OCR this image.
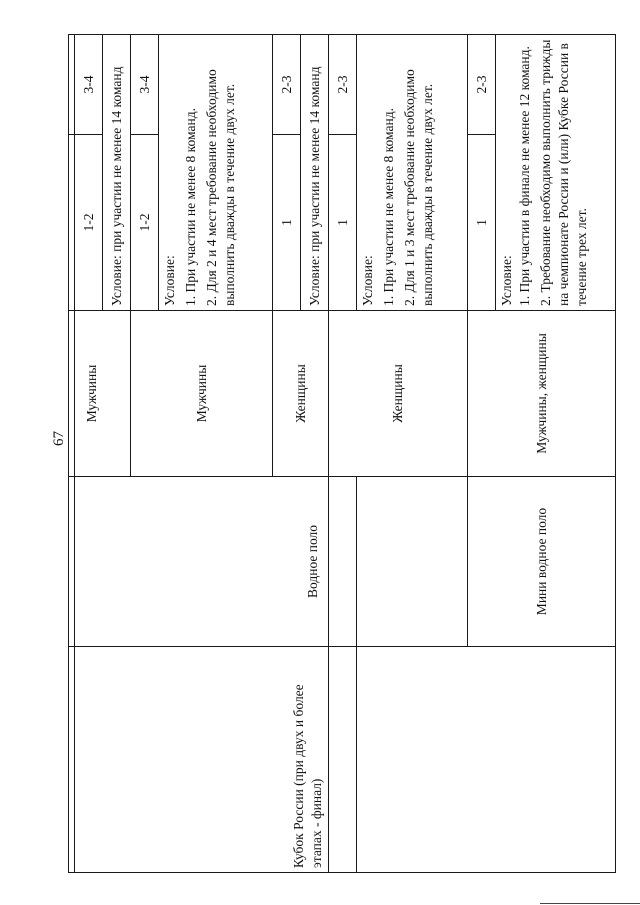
67

Кубок России (при двух и более этапах - финал)	Водное поло	Мужчины	1-2	3-4
			Условие: при участии не менее 14 команд	
		Мужчины	1-2	3-4

			Условие: 1. При участии не менее 8 команд. 2. Для 2 и 4 мест требование необходимо выполнить дважды в течение двух лет.	

		Женщины	1	2-3
			Условие: при участии не менее 14 команд	
		Женщины	1	2-3

			Условие: 1. При участии не менее 8 команд. 2. Для 1 и 3 мест требование необходимо выполнить дважды в течение двух лет.	

	Мини водное поло	Мужчины, женщины	1	2-3

			Условие: 1. При участии в финале не менее 12 команд. 2. Требование необходимо выполнить трижды на чемпионате России и (или) Кубке России в течение трех лет.	
